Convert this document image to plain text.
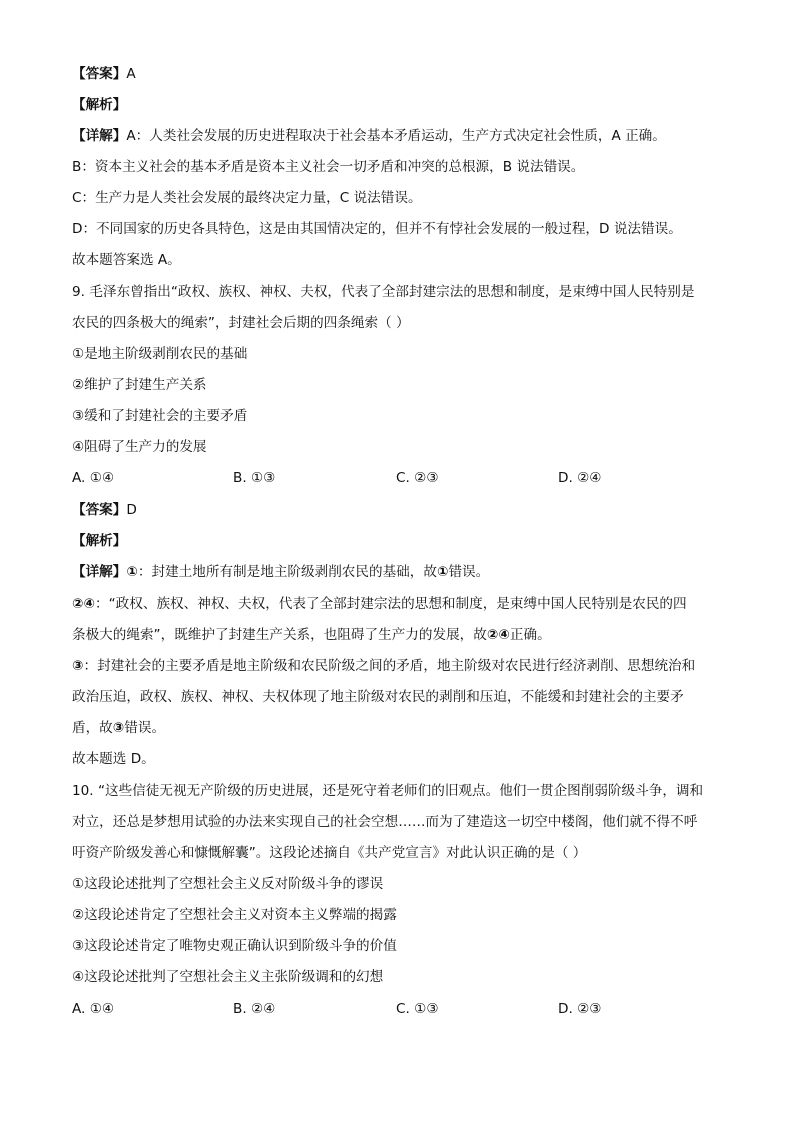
【答案】A
【解析】
【详解】A：人类社会发展的历史进程取决于社会基本矛盾运动，生产方式决定社会性质，A 正确。
B：资本主义社会的基本矛盾是资本主义社会一切矛盾和冲突的总根源，B 说法错误。
C：生产力是人类社会发展的最终决定力量，C 说法错误。
D：不同国家的历史各具特色，这是由其国情决定的，但并不有悖社会发展的一般过程，D 说法错误。
故本题答案选 A。
9. 毛泽东曾指出“政权、族权、神权、夫权，代表了全部封建宗法的思想和制度，是束缚中国人民特别是
农民的四条极大的绳索”，封建社会后期的四条绳索（ ）
①是地主阶级剥削农民的基础
②维护了封建生产关系
③缓和了封建社会的主要矛盾
④阻碍了生产力的发展
A. ①④	B. ①③	C. ②③	D. ②④
【答案】D
【解析】
【详解】①：封建土地所有制是地主阶级剥削农民的基础，故①错误。
②④：“政权、族权、神权、夫权，代表了全部封建宗法的思想和制度，是束缚中国人民特别是农民的四
条极大的绳索”，既维护了封建生产关系，也阻碍了生产力的发展，故②④正确。
③：封建社会的主要矛盾是地主阶级和农民阶级之间的矛盾，地主阶级对农民进行经济剥削、思想统治和
政治压迫，政权、族权、神权、夫权体现了地主阶级对农民的剥削和压迫，不能缓和封建社会的主要矛
盾，故③错误。
故本题选 D。
10. “这些信徒无视无产阶级的历史进展，还是死守着老师们的旧观点。他们一贯企图削弱阶级斗争，调和
对立，还总是梦想用试验的办法来实现自己的社会空想……而为了建造这一切空中楼阁，他们就不得不呼
吁资产阶级发善心和慷慨解囊”。这段论述摘自《共产党宣言》对此认识正确的是（ ）
①这段论述批判了空想社会主义反对阶级斗争的谬误
②这段论述肯定了空想社会主义对资本主义弊端的揭露
③这段论述肯定了唯物史观正确认识到阶级斗争的价值
④这段论述批判了空想社会主义主张阶级调和的幻想
A. ①④	B. ②④	C. ①③	D. ②③
